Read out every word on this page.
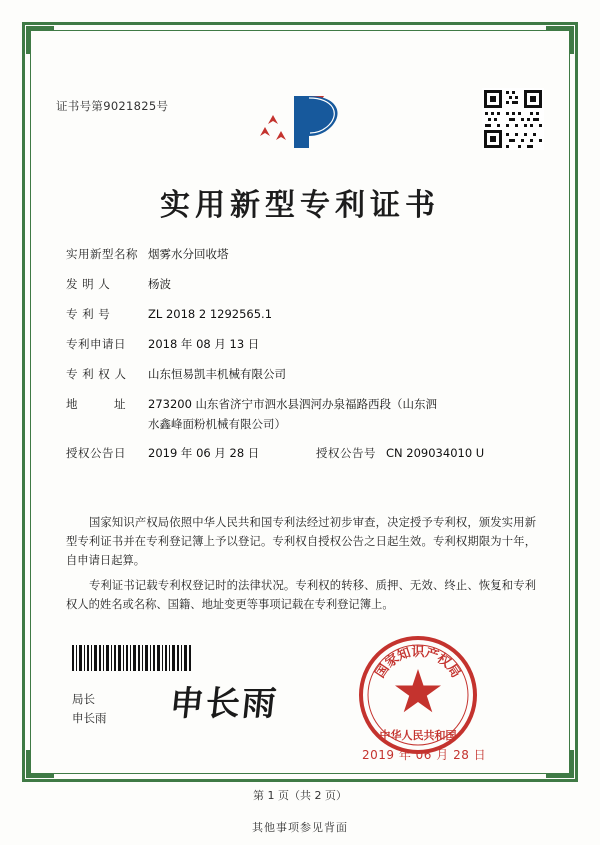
证书号第9021825号
实用新型专利证书
实用新型名称 烟雾水分回收塔
发 明 人	杨波
专 利 号	ZL 2018 2 1292565.1
专利申请日	2018 年 08 月 13 日
专 利 权 人	山东恒易凯丰机械有限公司
地　　　址	273200 山东省济宁市泗水县泗河办泉福路西段（山东泗
水鑫峰面粉机械有限公司）
授权公告日	2019 年 06 月 28 日	授权公告号 CN 209034010 U

国家知识产权局依照中华人民共和国专利法经过初步审查，决定授予专利权，颁发实用新型专利证书并在专利登记簿上予以登记。专利权自授权公告之日起生效。专利权期限为十年，自申请日起算。

专利证书记载专利权登记时的法律状况。专利权的转移、质押、无效、终止、恢复和专利权人的姓名或名称、国籍、地址变更等事项记载在专利登记簿上。

局长
申长雨 申长雨
国
家
知
识
产
权
局
中华人民共和国
2019 年 06 月 28 日
第 1 页（共 2 页）
其他事项参见背面
